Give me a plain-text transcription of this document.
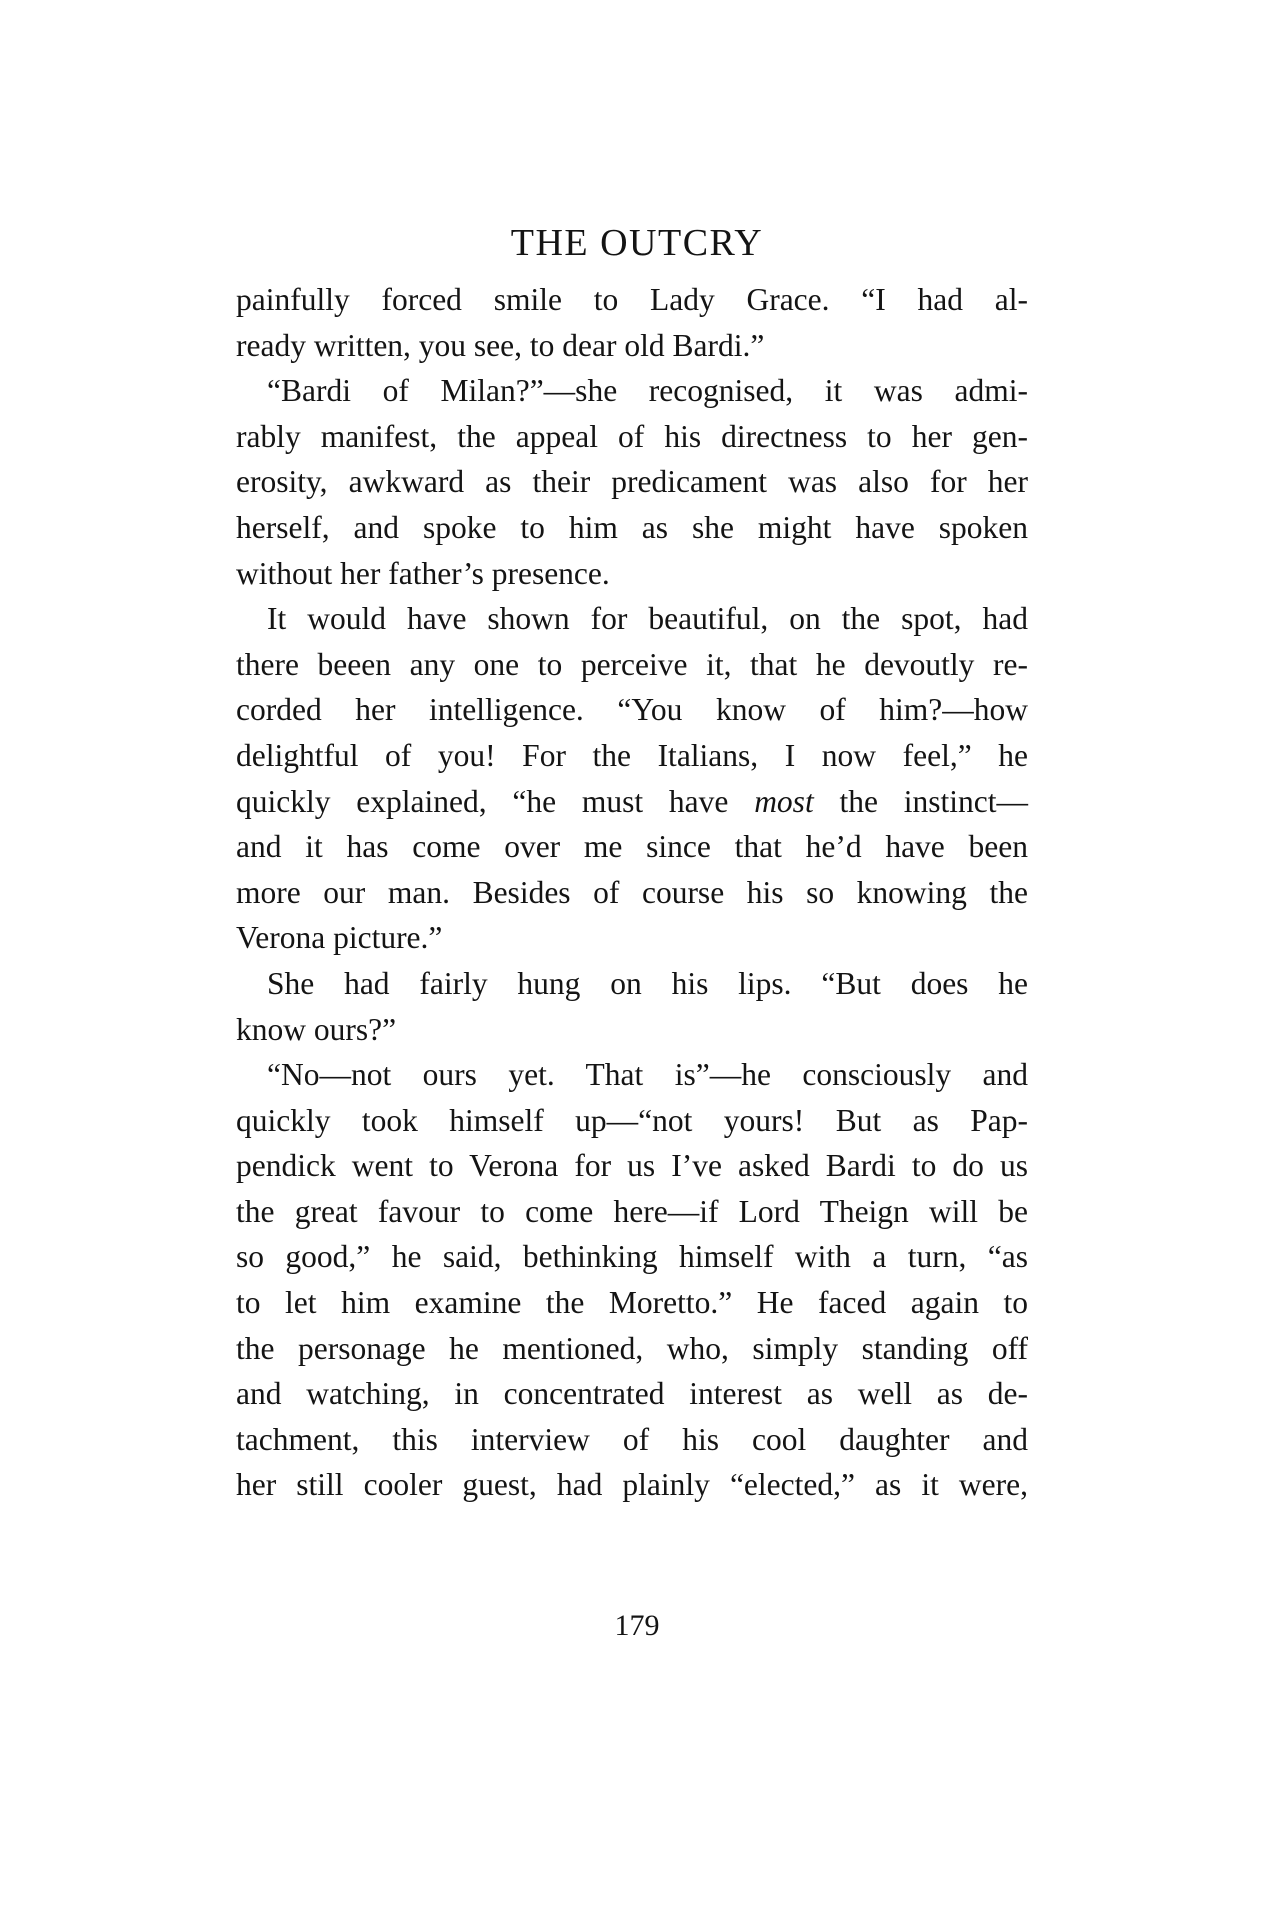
THE OUTCRY
painfully forced smile to Lady Grace. “I had al-
ready written, you see, to dear old Bardi.”
“Bardi of Milan?”—she recognised, it was admi-
rably manifest, the appeal of his directness to her gen-
erosity, awkward as their predicament was also for her
herself, and spoke to him as she might have spoken
without her father’s presence.
It would have shown for beautiful, on the spot, had
there beeen any one to perceive it, that he devoutly re-
corded her intelligence. “You know of him?—how
delightful of you! For the Italians, I now feel,” he
quickly explained, “he must have most the instinct—
and it has come over me since that he’d have been
more our man. Besides of course his so knowing the
Verona picture.”
She had fairly hung on his lips. “But does he
know ours?”
“No—not ours yet. That is”—he consciously and
quickly took himself up—“not yours! But as Pap-
pendick went to Verona for us I’ve asked Bardi to do us
the great favour to come here—if Lord Theign will be
so good,” he said, bethinking himself with a turn, “as
to let him examine the Moretto.” He faced again to
the personage he mentioned, who, simply standing off
and watching, in concentrated interest as well as de-
tachment, this interview of his cool daughter and
her still cooler guest, had plainly “elected,” as it were,
179
